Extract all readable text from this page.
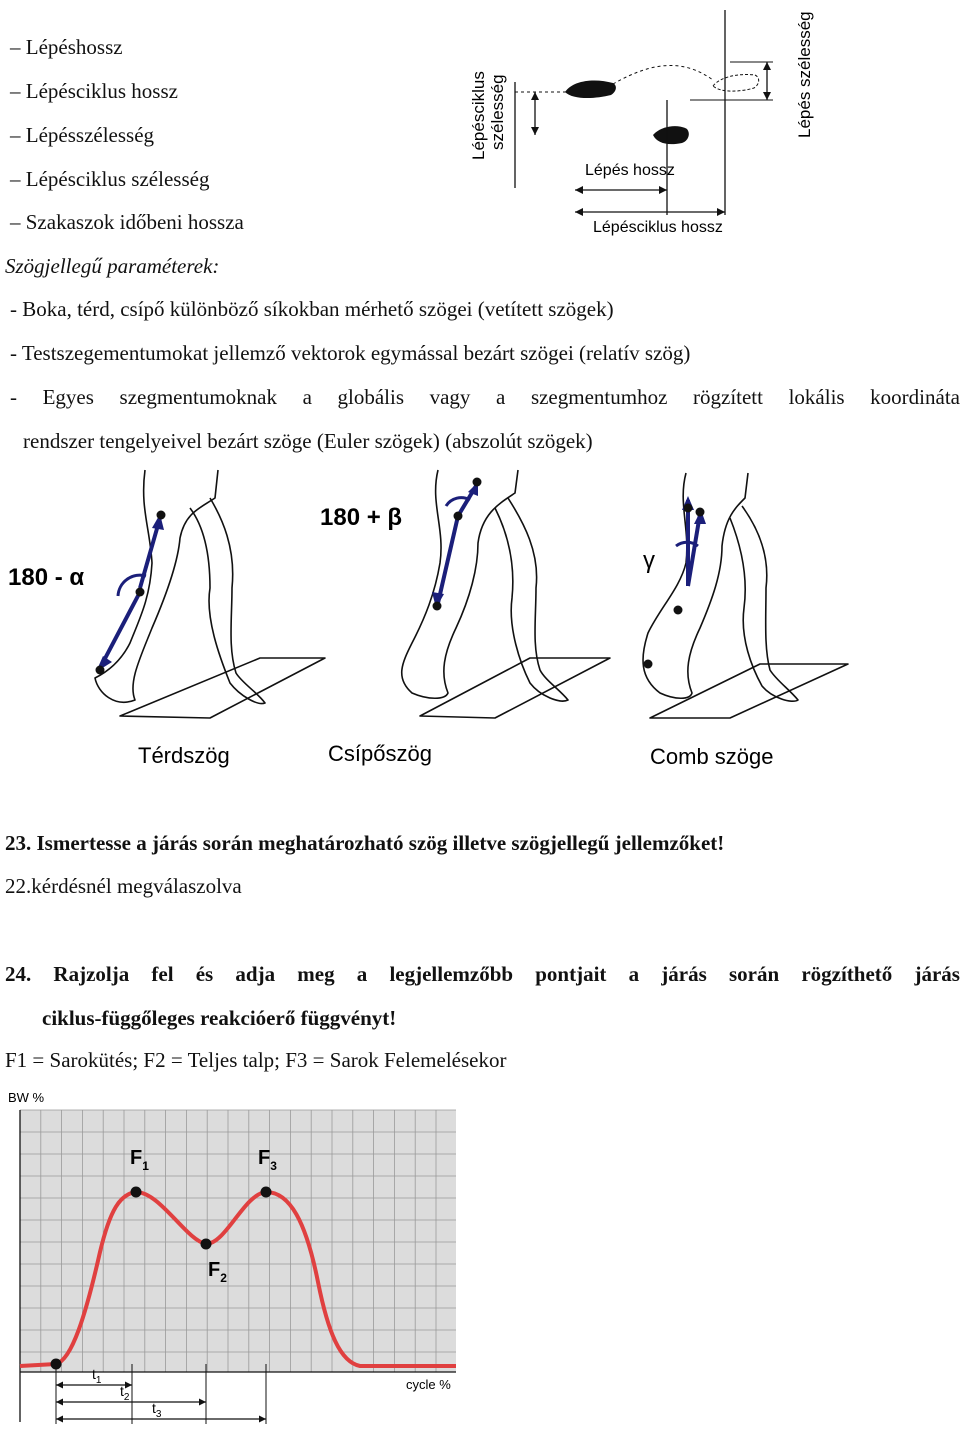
– Lépéshossz
– Lépésciklus hossz
– Lépésszélesség
– Lépésciklus szélesség
– Szakaszok időbeni hossza
Lépésciklus szélesség	Lépés szélesség
Lépés hossz
Lépésciklus hossz
Szögjellegű paraméterek:
- Boka, térd, csípő különböző síkokban mérhető szögei (vetített szögek)
- Testszegementumokat jellemző vektorok egymással bezárt szögei (relatív szög)
- Egyes szegmentumoknak a globális vagy a szegmentumhoz rögzített lokális koordináta
rendszer tengelyeivel bezárt szöge (Euler szögek) (abszolút szögek)
180 - α
180 + β
γ
Térdszög	Csípőszög	Comb szöge
23. Ismertesse a járás során meghatározható szög illetve szögjellegű jellemzőket!
22.kérdésnél megválaszolva
24. Rajzolja fel és adja meg a legjellemzőbb pontjait a járás során rögzíthető járás
ciklus-függőleges reakcióerő függvényt!
F1 = Sarokütés; F2 = Teljes talp; F3 = Sarok Felemelésekor
BW %
$F_1$
$F_2$
$F_3$
$t_1$
$t_2$
$t_3$
cycle %
